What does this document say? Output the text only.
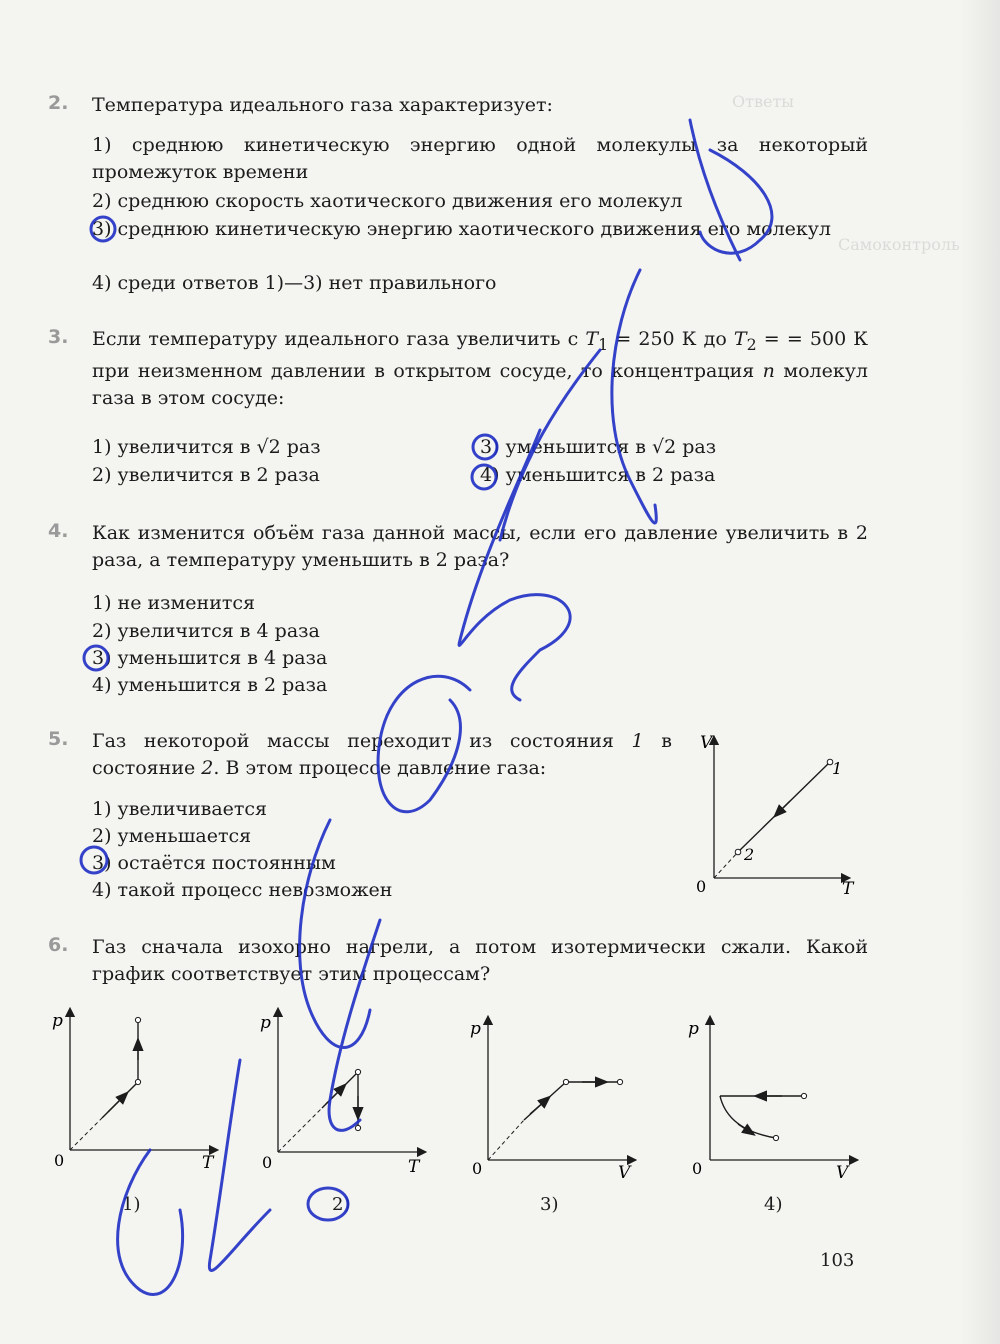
Ответы
Самоконтроль
2.	Температура идеального газа характеризует:
1) среднюю кинетическую энергию одной молекулы за некоторый промежуток времени
2) среднюю скорость хаотического движения его молекул
3) среднюю кинетическую энергию хаотического движения его молекул
4) среди ответов 1)—3) нет правильного
3.	Если температуру идеального газа увеличить с $T_1 = 250$ К до $T_2$ = = 500 К при неизменном давлении в открытом сосуде, то концентрация n молекул газа в этом сосуде:
1) увеличится в √2 раз
2) увеличится в 2 раза
3) уменьшится в √2 раз
4) уменьшится в 2 раза
4.	Как изменится объём газа данной массы, если его давление увеличить в 2 раза, а температуру уменьшить в 2 раза?
1) не изменится
2) увеличится в 4 раза
3) уменьшится в 4 раза
4) уменьшится в 2 раза
5.	Газ некоторой массы переходит из состояния 1 в состояние 2. В этом процессе давление газа:
1) увеличивается
2) уменьшается
3) остаётся постоянным
4) такой процесс невозможен
V
T
0
1
2
6.	Газ сначала изохорно нагрели, а потом изотермически сжали. Какой график соответствует этим процессам?
p
T
0
p
T
0
p
V
0
p
V
0
1)	2)	3)	4)
103
